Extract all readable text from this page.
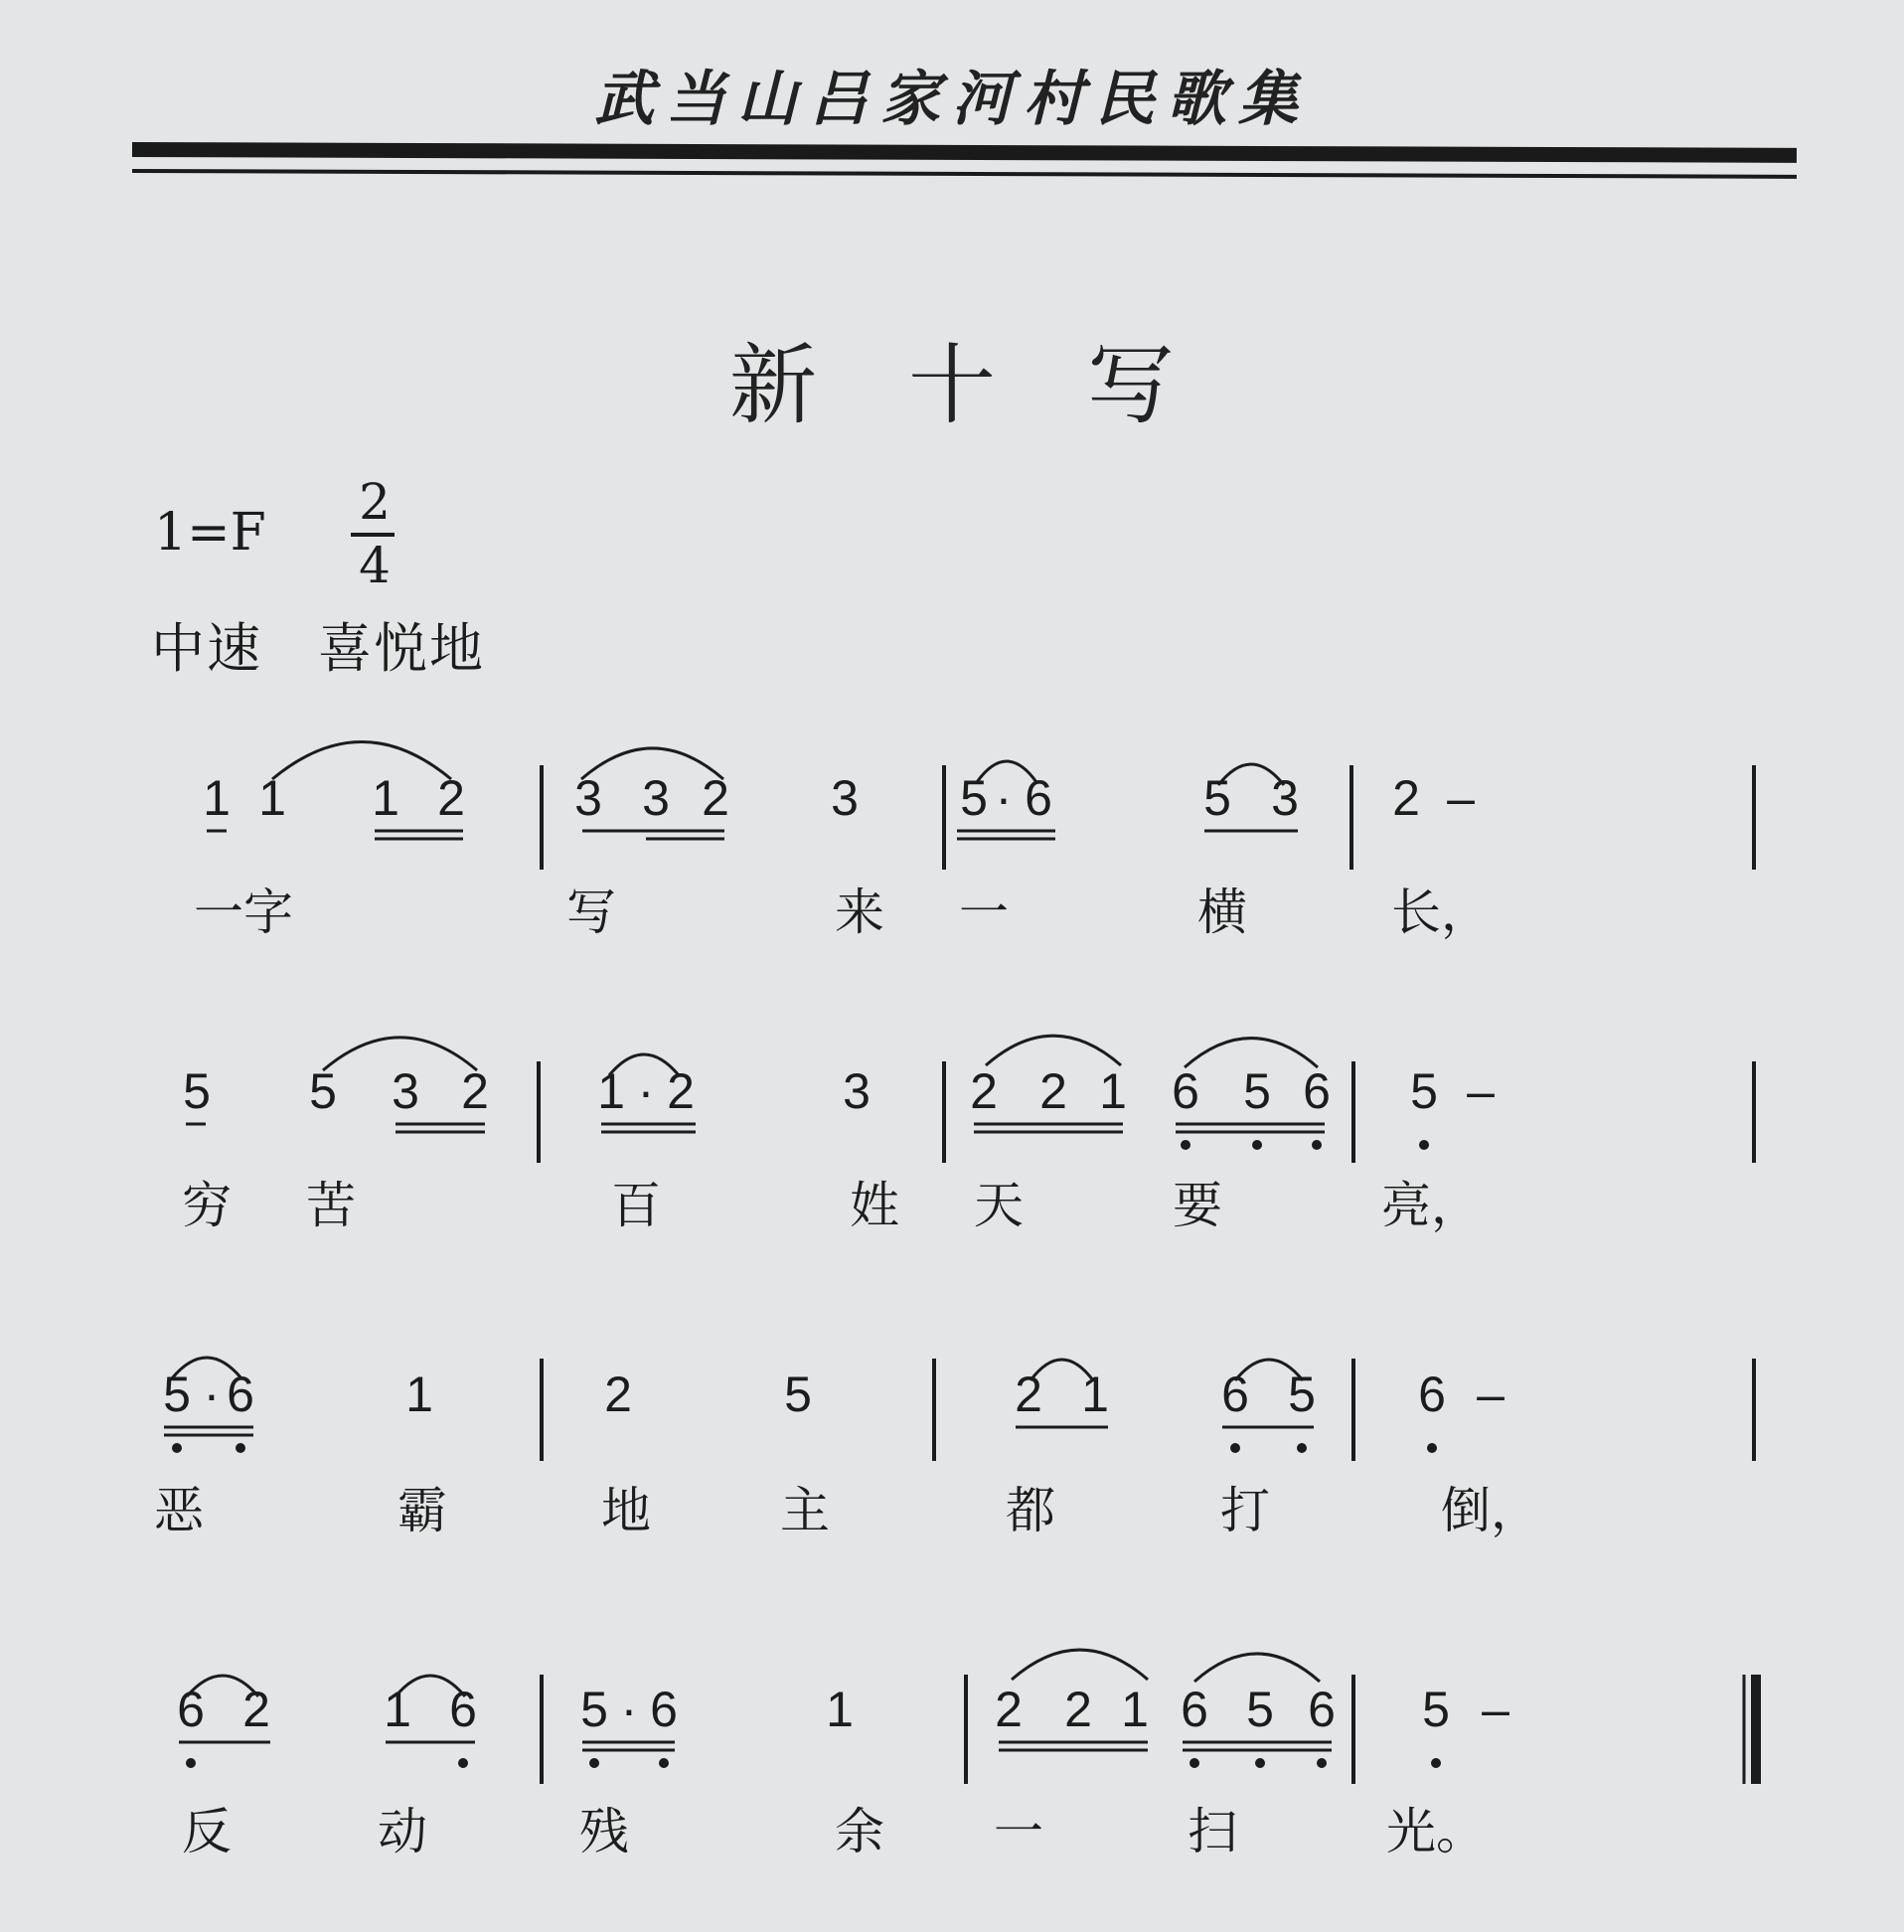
武当山吕家河村民歌集
新十写
1=F
2
4
中速　喜悦地
1 1 1 2 3 3 2 3 5 · 6	5 3 2 –
一字	写	来 一	横	长，
5 5 3 2 1 · 2	3 2 2 1 6 5 6 5 –
穷 苦	百	姓 天	要	亮，
5 · 6	1	2	5	2 1 6 5 6 –
恶	霸	地	主	都	打	倒，
6 2 1 6 5 · 6	1	2 2 1 6 5 6 5 –
反	动	残	余 一	扫	光。
